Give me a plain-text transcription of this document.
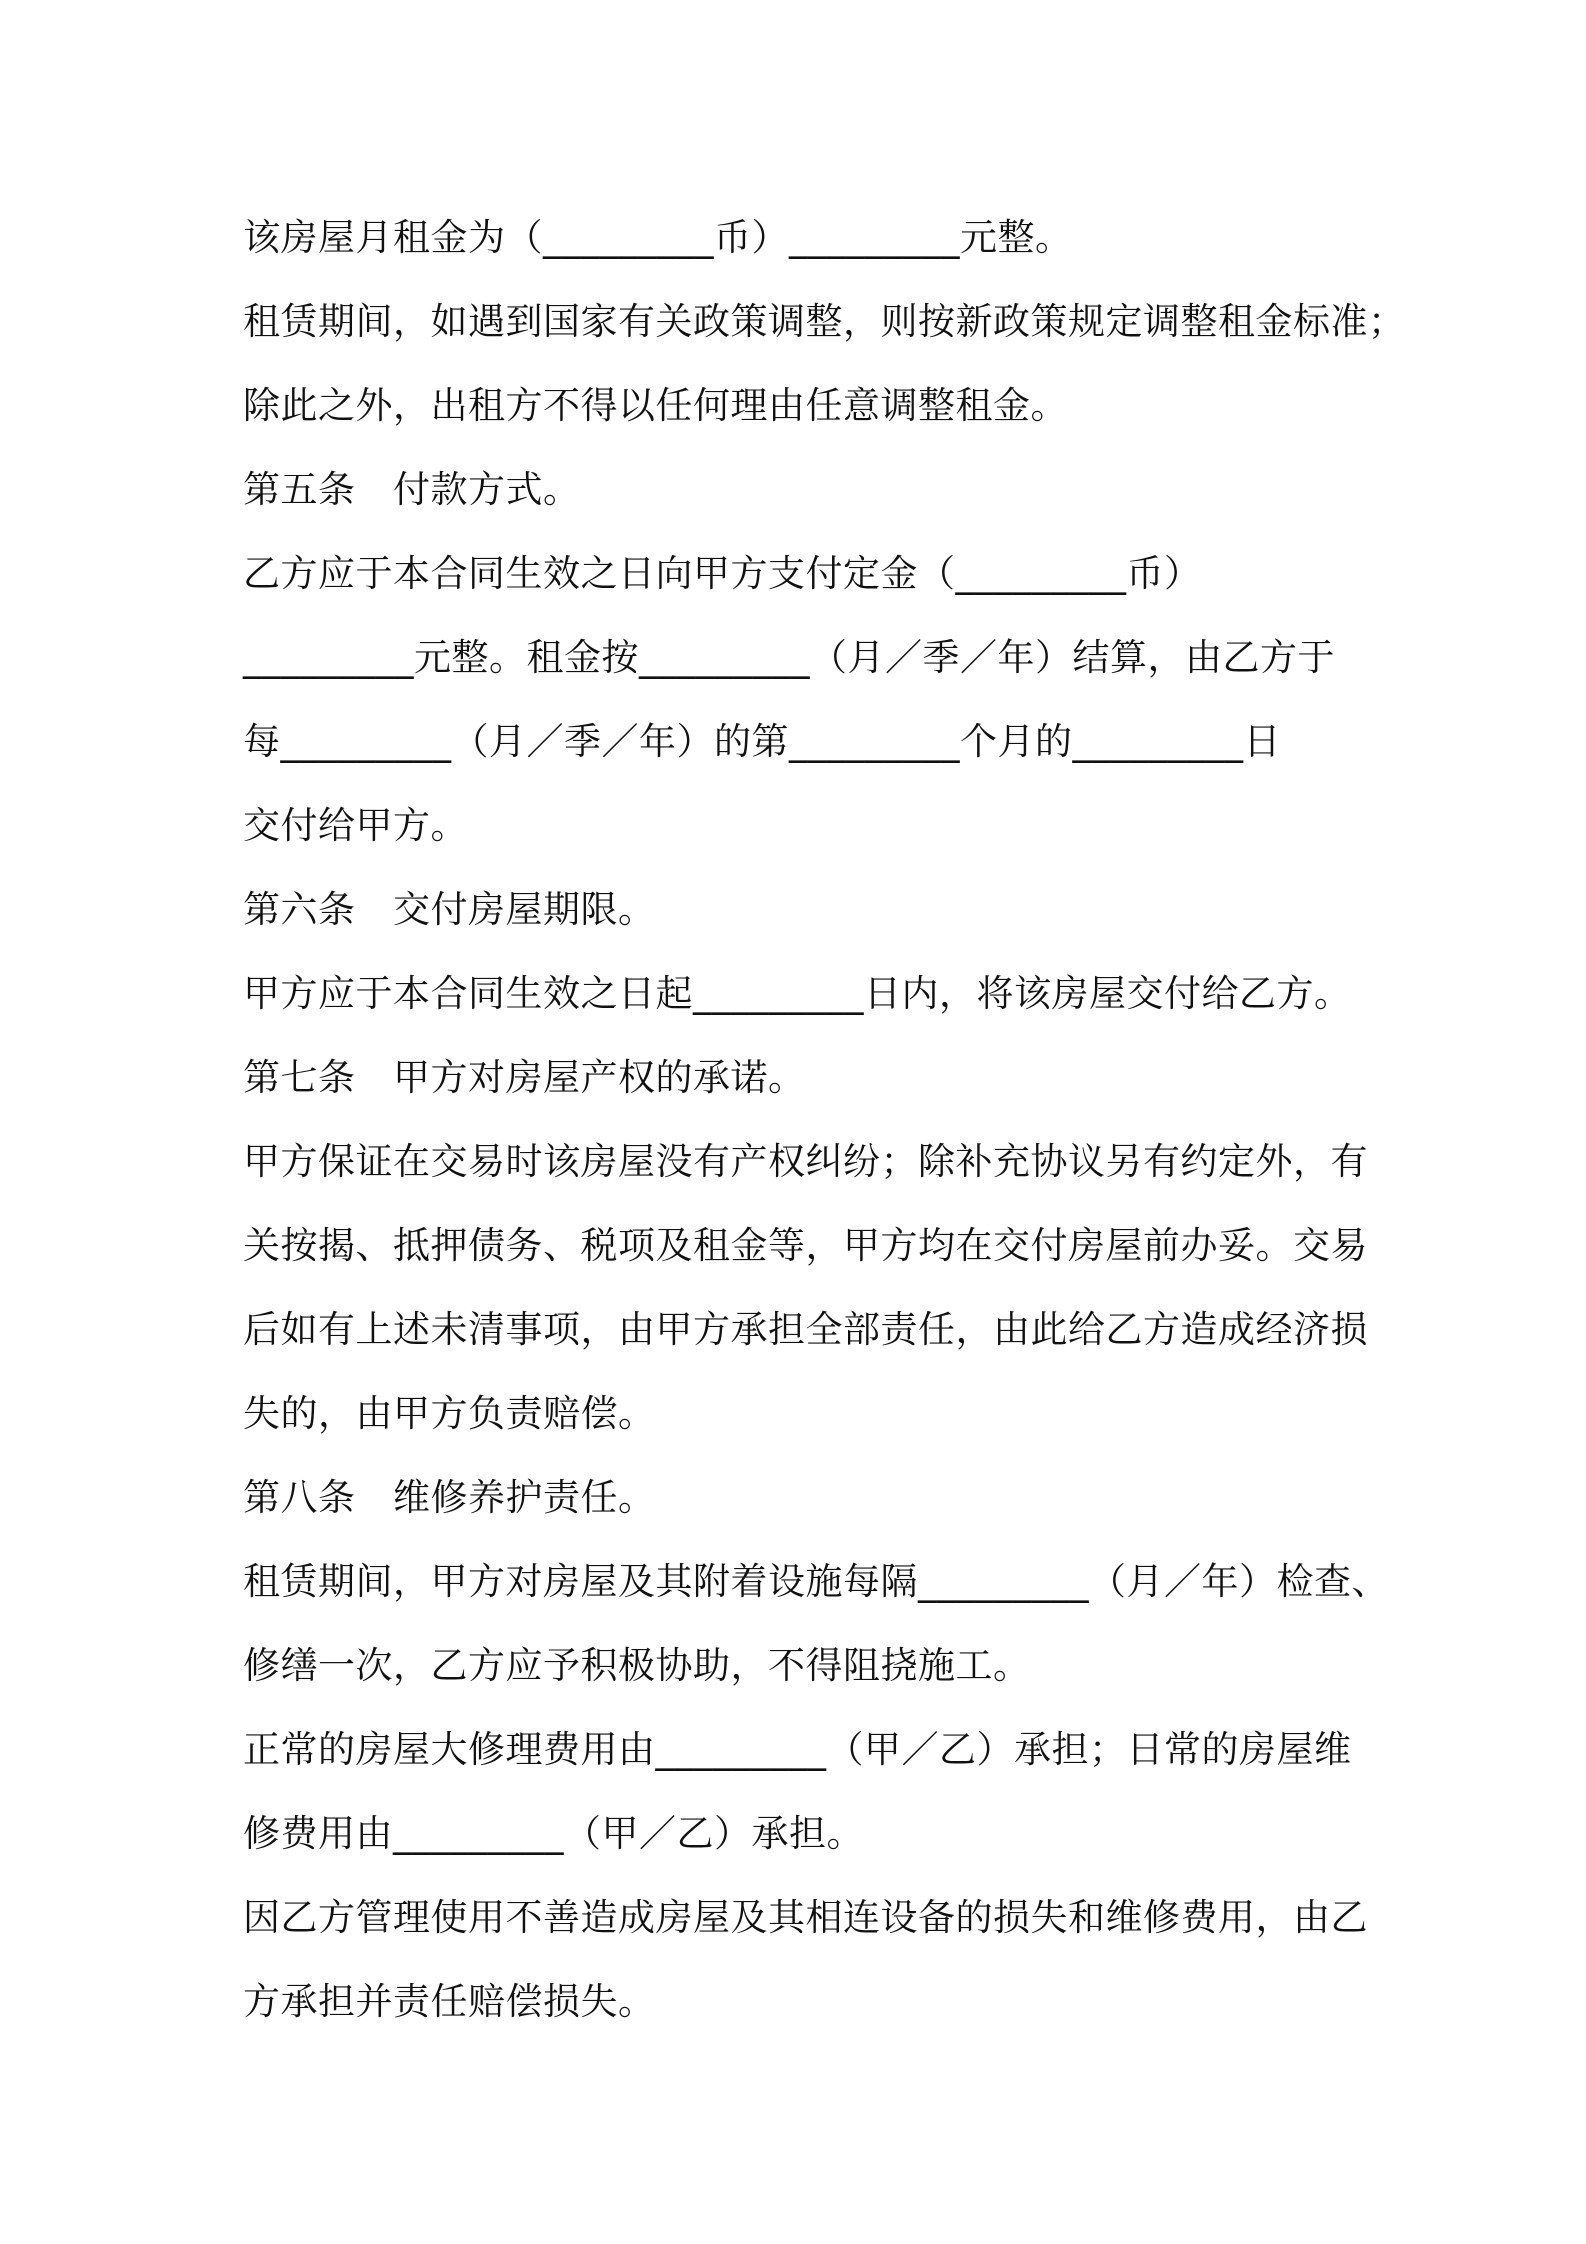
该房屋月租金为（_________币）_________元整。
租赁期间，如遇到国家有关政策调整，则按新政策规定调整租金标准；
除此之外，出租方不得以任何理由任意调整租金。
第五条　付款方式。
乙方应于本合同生效之日向甲方支付定金（_________币）
_________元整。租金按_________（月／季／年）结算，由乙方于
每_________（月／季／年）的第_________个月的_________日
交付给甲方。
第六条　交付房屋期限。
甲方应于本合同生效之日起_________日内，将该房屋交付给乙方。
第七条　甲方对房屋产权的承诺。
甲方保证在交易时该房屋没有产权纠纷；除补充协议另有约定外，有
关按揭、抵押债务、税项及租金等，甲方均在交付房屋前办妥。交易
后如有上述未清事项，由甲方承担全部责任，由此给乙方造成经济损
失的，由甲方负责赔偿。
第八条　维修养护责任。
租赁期间，甲方对房屋及其附着设施每隔_________（月／年）检查、
修缮一次，乙方应予积极协助，不得阻挠施工。
正常的房屋大修理费用由_________（甲／乙）承担；日常的房屋维
修费用由_________（甲／乙）承担。
因乙方管理使用不善造成房屋及其相连设备的损失和维修费用，由乙
方承担并责任赔偿损失。
